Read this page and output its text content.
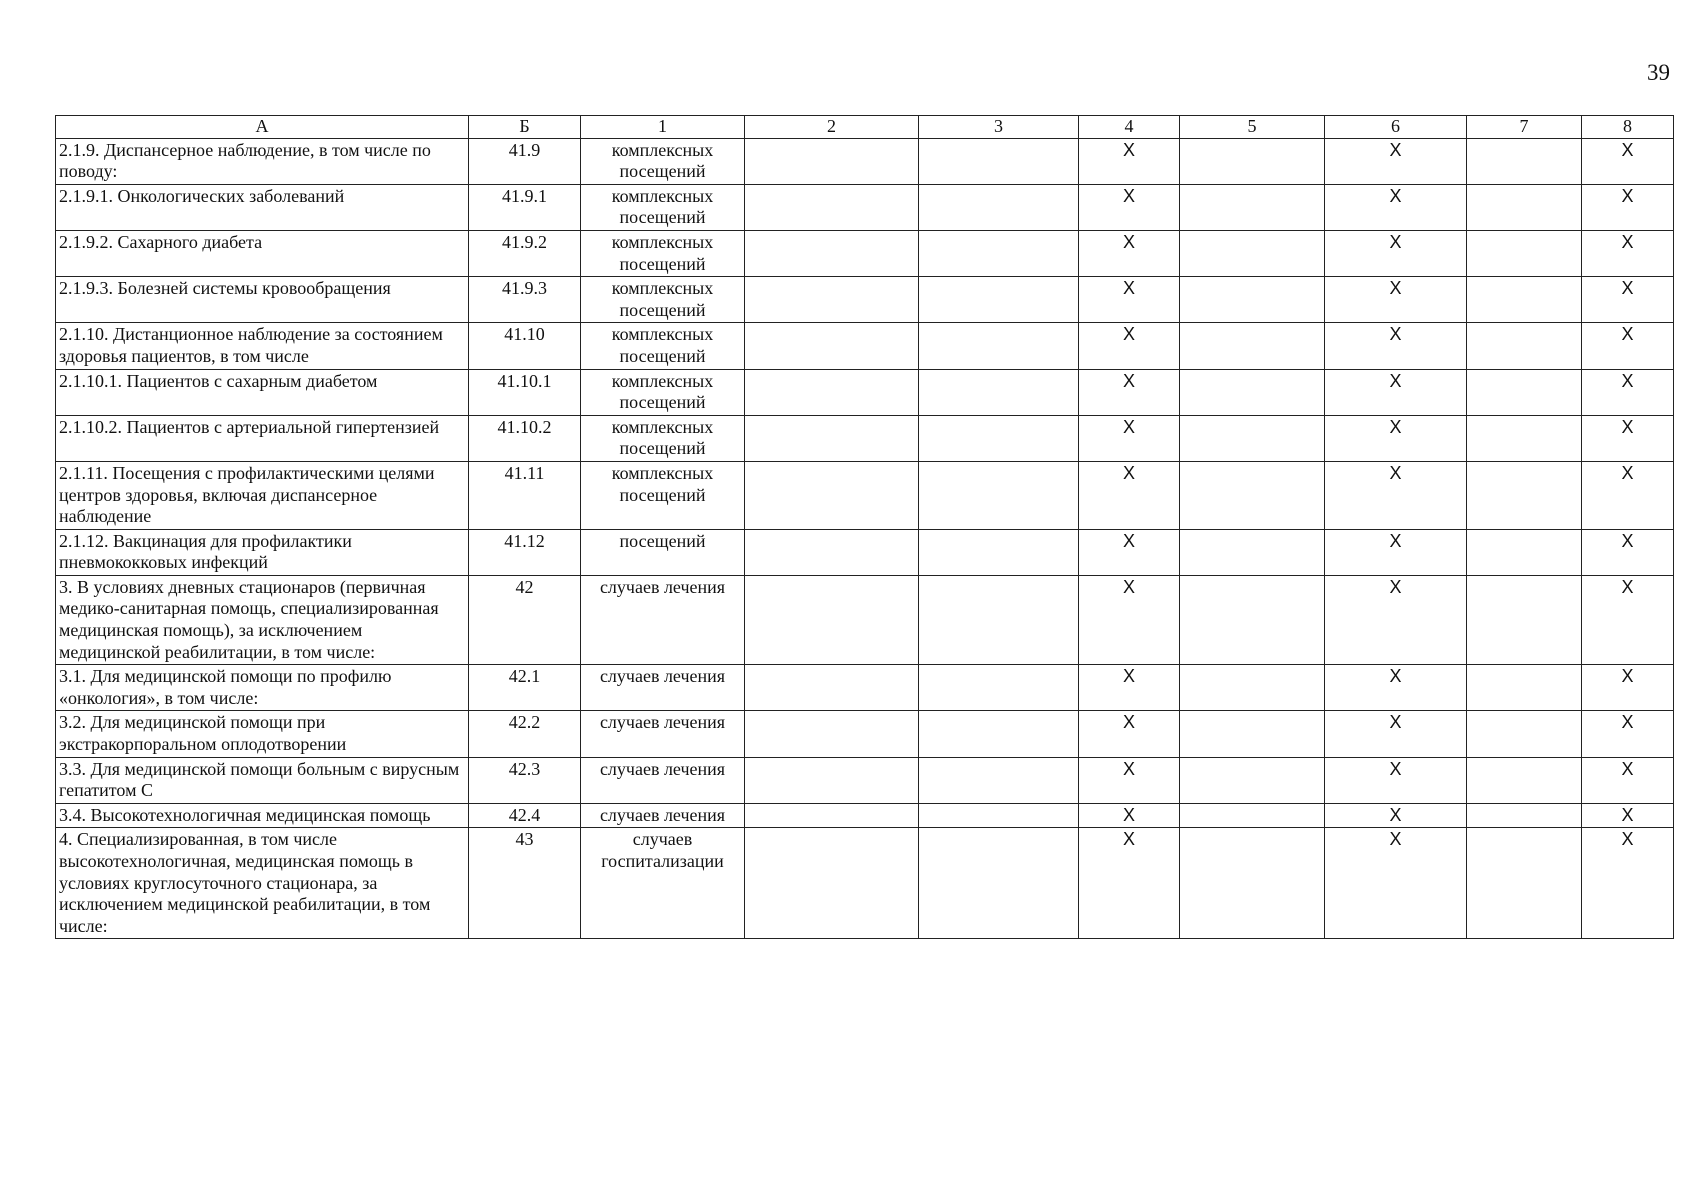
39
А	Б	1	2	3	4	5	6	7	8
2.1.9. Диспансерное наблюдение, в том числе по поводу:	41.9	комплексных посещений			Х		Х		Х
2.1.9.1. Онкологических заболеваний	41.9.1	комплексных посещений			Х		Х		Х
2.1.9.2. Сахарного диабета	41.9.2	комплексных посещений			Х		Х		Х
2.1.9.3. Болезней системы кровообращения	41.9.3	комплексных посещений			Х		Х		Х
2.1.10. Дистанционное наблюдение за состоянием здоровья пациентов, в том числе	41.10	комплексных посещений			Х		Х		Х
2.1.10.1. Пациентов с сахарным диабетом	41.10.1	комплексных посещений			Х		Х		Х
2.1.10.2. Пациентов с артериальной гипертензией	41.10.2	комплексных посещений			Х		Х		Х
2.1.11. Посещения с профилактическими целями центров здоровья, включая диспансерное наблюдение	41.11	комплексных посещений			Х		Х		Х
2.1.12. Вакцинация для профилактики пневмококковых инфекций	41.12	посещений			Х		Х		Х
3. В условиях дневных стационаров (первичная медико-санитарная помощь, специализированная медицинская помощь), за исключением медицинской реабилитации, в том числе:	42	случаев лечения			Х		Х		Х
3.1. Для медицинской помощи по профилю «онкология», в том числе:	42.1	случаев лечения			Х		Х		Х
3.2. Для медицинской помощи при экстракорпоральном оплодотворении	42.2	случаев лечения			Х		Х		Х
3.3. Для медицинской помощи больным с вирусным гепатитом С	42.3	случаев лечения			Х		Х		Х
3.4. Высокотехнологичная медицинская помощь	42.4	случаев лечения			Х		Х		Х
4. Специализированная, в том числе высокотехнологичная, медицинская помощь в условиях круглосуточного стационара, за исключением медицинской реабилитации, в том числе:	43	случаев госпитализации			Х		Х		Х
